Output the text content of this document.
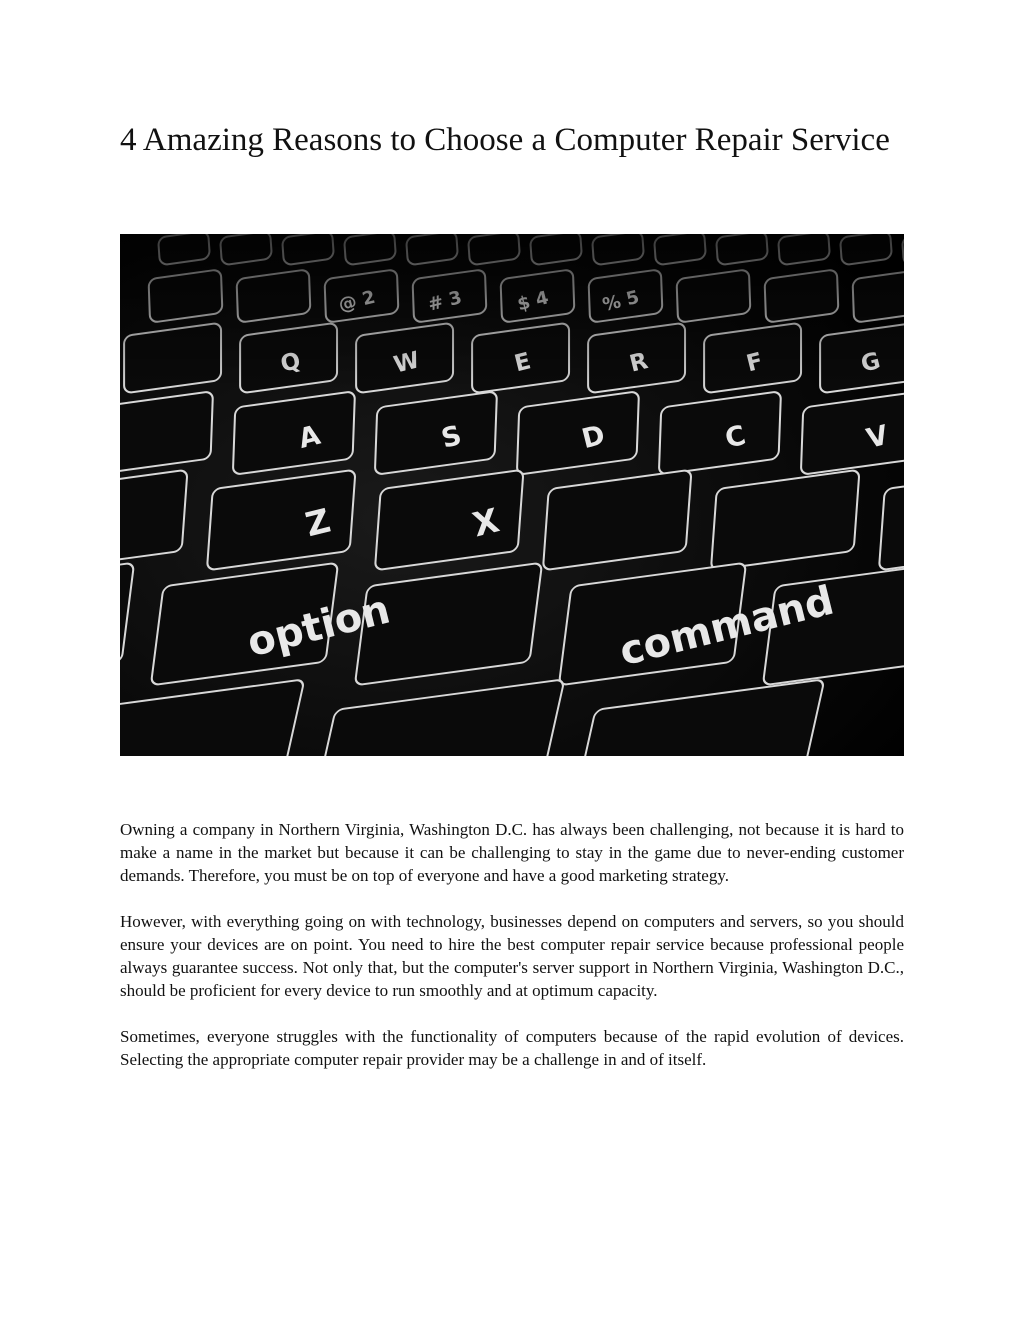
4 Amazing Reasons to Choose a Computer Repair Service

Owning a company in Northern Virginia, Washington D.C. has always been challenging, not because it is hard to make a name in the market but because it can be challenging to stay in the game due to never-ending customer demands. Therefore, you must be on top of everyone and have a good marketing strategy.

However, with everything going on with technology, businesses depend on computers and servers, so you should ensure your devices are on point. You need to hire the best computer repair service because professional people always guarantee success. Not only that, but the computer's server support in Northern Virginia, Washington D.C., should be proficient for every device to run smoothly and at optimum capacity.

Sometimes, everyone struggles with the functionality of computers because of the rapid evolution of devices. Selecting the appropriate computer repair provider may be a challenge in and of itself.
